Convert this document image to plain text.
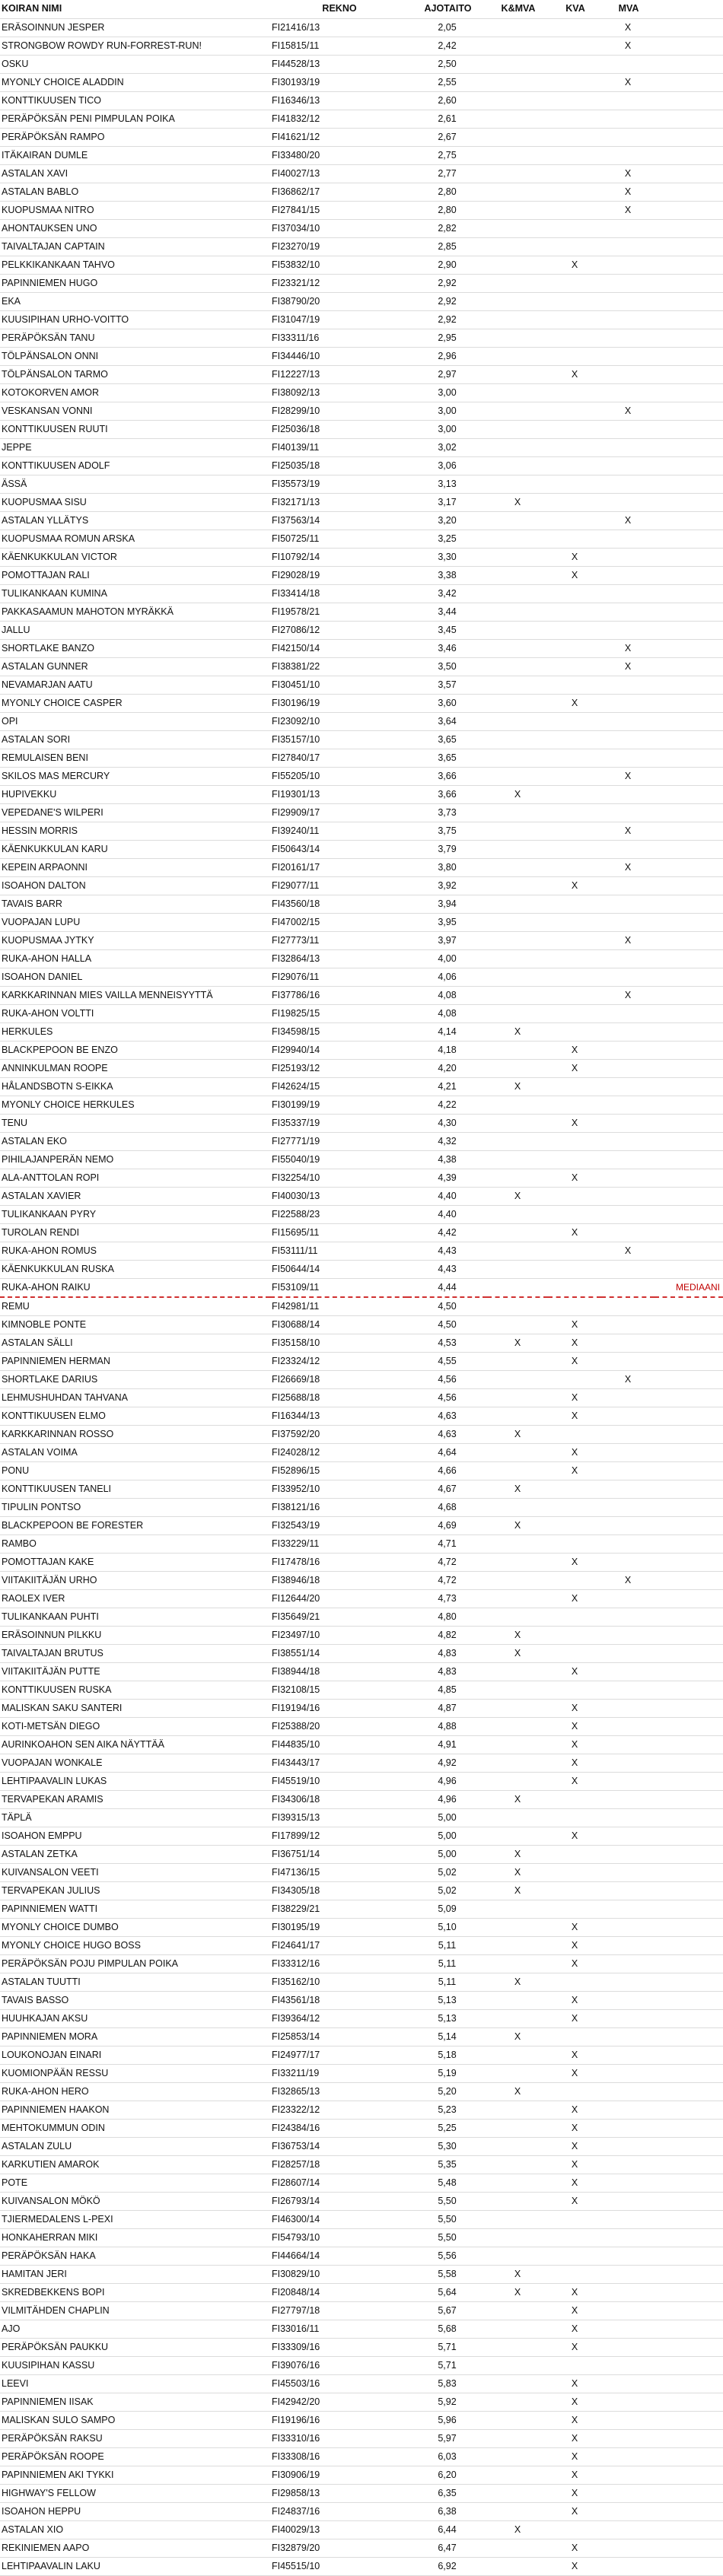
KOIRAN NIMI	REKNO	AJOTAITO	K&MVA	KVA	MVA	
ERÄSOINNUN JESPER	FI21416/13	2,05			X	
STRONGBOW ROWDY RUN-FORREST-RUN!	FI15815/11	2,42			X	
OSKU	FI44528/13	2,50				
MYONLY CHOICE ALADDIN	FI30193/19	2,55			X	
KONTTIKUUSEN TICO	FI16346/13	2,60				
PERÄPÖKSÄN PENI PIMPULAN POIKA	FI41832/12	2,61				
PERÄPÖKSÄN RAMPO	FI41621/12	2,67				
ITÄKAIRAN DUMLE	FI33480/20	2,75				
ASTALAN XAVI	FI40027/13	2,77			X	
ASTALAN BABLO	FI36862/17	2,80			X	
KUOPUSMAA NITRO	FI27841/15	2,80			X	
AHONTAUKSEN UNO	FI37034/10	2,82				
TAIVALTAJAN CAPTAIN	FI23270/19	2,85				
PELKKIKANKAAN TAHVO	FI53832/10	2,90		X		
PAPINNIEMEN HUGO	FI23321/12	2,92				
EKA	FI38790/20	2,92				
KUUSIPIHAN URHO-VOITTO	FI31047/19	2,92				
PERÄPÖKSÄN TANU	FI33311/16	2,95				
TÖLPÄNSALON ONNI	FI34446/10	2,96				
TÖLPÄNSALON TARMO	FI12227/13	2,97		X		
KOTOKORVEN AMOR	FI38092/13	3,00				
VESKANSAN VONNI	FI28299/10	3,00			X	
KONTTIKUUSEN RUUTI	FI25036/18	3,00				
JEPPE	FI40139/11	3,02				
KONTTIKUUSEN ADOLF	FI25035/18	3,06				
ÄSSÄ	FI35573/19	3,13				
KUOPUSMAA SISU	FI32171/13	3,17	X			
ASTALAN YLLÄTYS	FI37563/14	3,20			X	
KUOPUSMAA ROMUN ARSKA	FI50725/11	3,25				
KÄENKUKKULAN VICTOR	FI10792/14	3,30		X		
POMOTTAJAN RALI	FI29028/19	3,38		X		
TULIKANKAAN KUMINA	FI33414/18	3,42				
PAKKASAAMUN MAHOTON MYRÄKKÄ	FI19578/21	3,44				
JALLU	FI27086/12	3,45				
SHORTLAKE BANZO	FI42150/14	3,46			X	
ASTALAN GUNNER	FI38381/22	3,50			X	
NEVAMARJAN AATU	FI30451/10	3,57				
MYONLY CHOICE CASPER	FI30196/19	3,60		X		
OPI	FI23092/10	3,64				
ASTALAN SORI	FI35157/10	3,65				
REMULAISEN BENI	FI27840/17	3,65				
SKILOS MAS MERCURY	FI55205/10	3,66			X	
HUPIVEKKU	FI19301/13	3,66	X			
VEPEDANE'S WILPERI	FI29909/17	3,73				
HESSIN MORRIS	FI39240/11	3,75			X	
KÄENKUKKULAN KARU	FI50643/14	3,79				
KEPEIN ARPAONNI	FI20161/17	3,80			X	
ISOAHON DALTON	FI29077/11	3,92		X		
TAVAIS BARR	FI43560/18	3,94				
VUOPAJAN LUPU	FI47002/15	3,95				
KUOPUSMAA JYTKY	FI27773/11	3,97			X	
RUKA-AHON HALLA	FI32864/13	4,00				
ISOAHON DANIEL	FI29076/11	4,06				
KARKKARINNAN MIES VAILLA MENNEISYYTTÄ	FI37786/16	4,08			X	
RUKA-AHON VOLTTI	FI19825/15	4,08				
HERKULES	FI34598/15	4,14	X			
BLACKPEPOON BE ENZO	FI29940/14	4,18		X		
ANNINKULMAN ROOPE	FI25193/12	4,20		X		
HÅLANDSBOTN S-EIKKA	FI42624/15	4,21	X			
MYONLY CHOICE HERKULES	FI30199/19	4,22				
TENU	FI35337/19	4,30		X		
ASTALAN EKO	FI27771/19	4,32				
PIHILAJANPERÄN NEMO	FI55040/19	4,38				
ALA-ANTTOLAN ROPI	FI32254/10	4,39		X		
ASTALAN XAVIER	FI40030/13	4,40	X			
TULIKANKAAN PYRY	FI22588/23	4,40				
TUROLAN RENDI	FI15695/11	4,42		X		
RUKA-AHON ROMUS	FI53111/11	4,43			X	
KÄENKUKKULAN RUSKA	FI50644/14	4,43				
RUKA-AHON RAIKU	FI53109/11	4,44				MEDIAANI
REMU	FI42981/11	4,50				
KIMNOBLE PONTE	FI30688/14	4,50		X		
ASTALAN SÄLLI	FI35158/10	4,53	X	X		
PAPINNIEMEN HERMAN	FI23324/12	4,55		X		
SHORTLAKE DARIUS	FI26669/18	4,56			X	
LEHMUSHUHDAN TAHVANA	FI25688/18	4,56		X		
KONTTIKUUSEN ELMO	FI16344/13	4,63		X		
KARKKARINNAN ROSSO	FI37592/20	4,63	X			
ASTALAN VOIMA	FI24028/12	4,64		X		
PONU	FI52896/15	4,66		X		
KONTTIKUUSEN TANELI	FI33952/10	4,67	X			
TIPULIN PONTSO	FI38121/16	4,68				
BLACKPEPOON BE FORESTER	FI32543/19	4,69	X			
RAMBO	FI33229/11	4,71				
POMOTTAJAN KAKE	FI17478/16	4,72		X		
VIITAKIITÄJÄN URHO	FI38946/18	4,72			X	
RAOLEX IVER	FI12644/20	4,73		X		
TULIKANKAAN PUHTI	FI35649/21	4,80				
ERÄSOINNUN PILKKU	FI23497/10	4,82	X			
TAIVALTAJAN BRUTUS	FI38551/14	4,83	X			
VIITAKIITÄJÄN PUTTE	FI38944/18	4,83		X		
KONTTIKUUSEN RUSKA	FI32108/15	4,85				
MALISKAN SAKU SANTERI	FI19194/16	4,87		X		
KOTI-METSÄN DIEGO	FI25388/20	4,88		X		
AURINKOAHON SEN AIKA NÄYTTÄÄ	FI44835/10	4,91		X		
VUOPAJAN WONKALE	FI43443/17	4,92		X		
LEHTIPAAVALIN LUKAS	FI45519/10	4,96		X		
TERVAPEKAN ARAMIS	FI34306/18	4,96	X			
TÄPLÄ	FI39315/13	5,00				
ISOAHON EMPPU	FI17899/12	5,00		X		
ASTALAN ZETKA	FI36751/14	5,00	X			
KUIVANSALON VEETI	FI47136/15	5,02	X			
TERVAPEKAN JULIUS	FI34305/18	5,02	X			
PAPINNIEMEN WATTI	FI38229/21	5,09				
MYONLY CHOICE DUMBO	FI30195/19	5,10		X		
MYONLY CHOICE HUGO BOSS	FI24641/17	5,11		X		
PERÄPÖKSÄN POJU PIMPULAN POIKA	FI33312/16	5,11		X		
ASTALAN TUUTTI	FI35162/10	5,11	X			
TAVAIS BASSO	FI43561/18	5,13		X		
HUUHKAJAN AKSU	FI39364/12	5,13		X		
PAPINNIEMEN MORA	FI25853/14	5,14	X			
LOUKONOJAN EINARI	FI24977/17	5,18		X		
KUOMIONPÄÄN RESSU	FI33211/19	5,19		X		
RUKA-AHON HERO	FI32865/13	5,20	X			
PAPINNIEMEN HAAKON	FI23322/12	5,23		X		
MEHTOKUMMUN ODIN	FI24384/16	5,25		X		
ASTALAN ZULU	FI36753/14	5,30		X		
KARKUTIEN AMAROK	FI28257/18	5,35		X		
POTE	FI28607/14	5,48		X		
KUIVANSALON MÖKÖ	FI26793/14	5,50		X		
TJIERMEDALENS L-PEXI	FI46300/14	5,50				
HONKAHERRAN MIKI	FI54793/10	5,50				
PERÄPÖKSÄN HAKA	FI44664/14	5,56				
HAMITAN JERI	FI30829/10	5,58	X			
SKREDBEKKENS BOPI	FI20848/14	5,64	X	X		
VILMITÄHDEN CHAPLIN	FI27797/18	5,67		X		
AJO	FI33016/11	5,68		X		
PERÄPÖKSÄN PAUKKU	FI33309/16	5,71		X		
KUUSIPIHAN KASSU	FI39076/16	5,71				
LEEVI	FI45503/16	5,83		X		
PAPINNIEMEN IISAK	FI42942/20	5,92		X		
MALISKAN SULO SAMPO	FI19196/16	5,96		X		
PERÄPÖKSÄN RAKSU	FI33310/16	5,97		X		
PERÄPÖKSÄN ROOPE	FI33308/16	6,03		X		
PAPINNIEMEN AKI TYKKI	FI30906/19	6,20		X		
HIGHWAY'S FELLOW	FI29858/13	6,35		X		
ISOAHON HEPPU	FI24837/16	6,38		X		
ASTALAN XIO	FI40029/13	6,44	X			
REKINIEMEN AAPO	FI32879/20	6,47		X		
LEHTIPAAVALIN LAKU	FI45515/10	6,92		X		
